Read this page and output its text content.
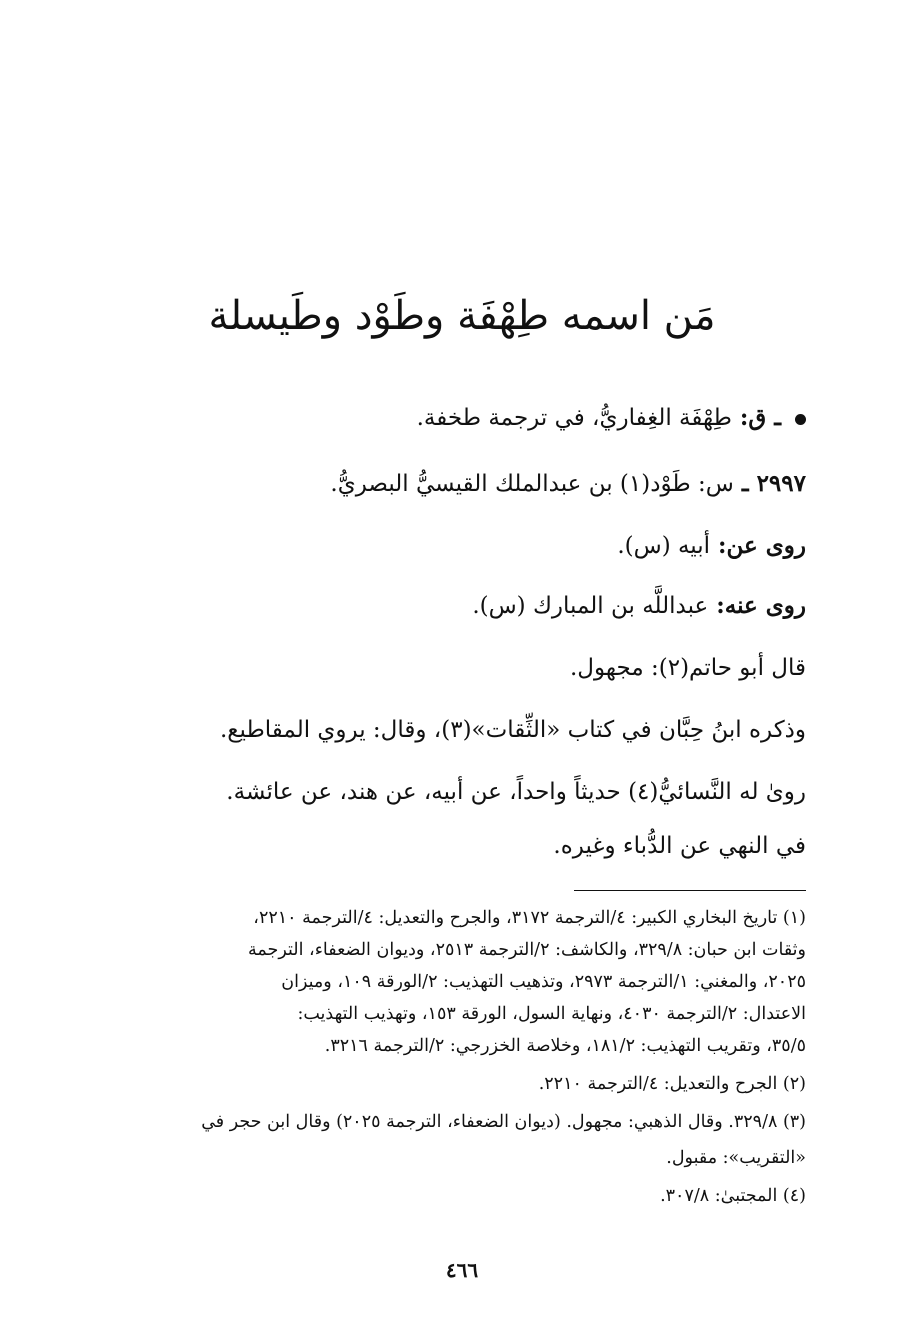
مَن اسمه طِهْفَة وطَوْد وطَيسلة
ـ ق: طِهْفَة الغِفاريُّ، في ترجمة طخفة.
٢٩٩٧ ـ س: طَوْد(١) بن عبدالملك القيسيُّ البصريُّ.
روى عن: أبيه (س).
روى عنه: عبداللَّه بن المبارك (س).
قال أبو حاتم(٢): مجهول.
وذكره ابنُ حِبَّان في كتاب «الثِّقات»(٣)، وقال: يروي المقاطيع.
روىٰ له النَّسائيُّ(٤) حديثاً واحداً، عن أبيه، عن هند، عن عائشة.
في النهي عن الدُّباء وغيره.
(١) تاريخ البخاري الكبير: ٤/الترجمة ٣١٧٢، والجرح والتعديل: ٤/الترجمة ٢٢١٠،
وثقات ابن حبان: ٣٢٩/٨، والكاشف: ٢/الترجمة ٢٥١٣، وديوان الضعفاء، الترجمة
٢٠٢٥، والمغني: ١/الترجمة ٢٩٧٣، وتذهيب التهذيب: ٢/الورقة ١٠٩، وميزان
الاعتدال: ٢/الترجمة ٤٠٣٠، ونهاية السول، الورقة ١٥٣، وتهذيب التهذيب:
٣٥/٥، وتقريب التهذيب: ١٨١/٢، وخلاصة الخزرجي: ٢/الترجمة ٣٢١٦.
(٢) الجرح والتعديل: ٤/الترجمة ٢٢١٠.
(٣) ٣٢٩/٨. وقال الذهبي: مجهول. (ديوان الضعفاء، الترجمة ٢٠٢٥) وقال ابن حجر في
«التقريب»: مقبول.
(٤) المجتبىٰ: ٣٠٧/٨.
٤٦٦
